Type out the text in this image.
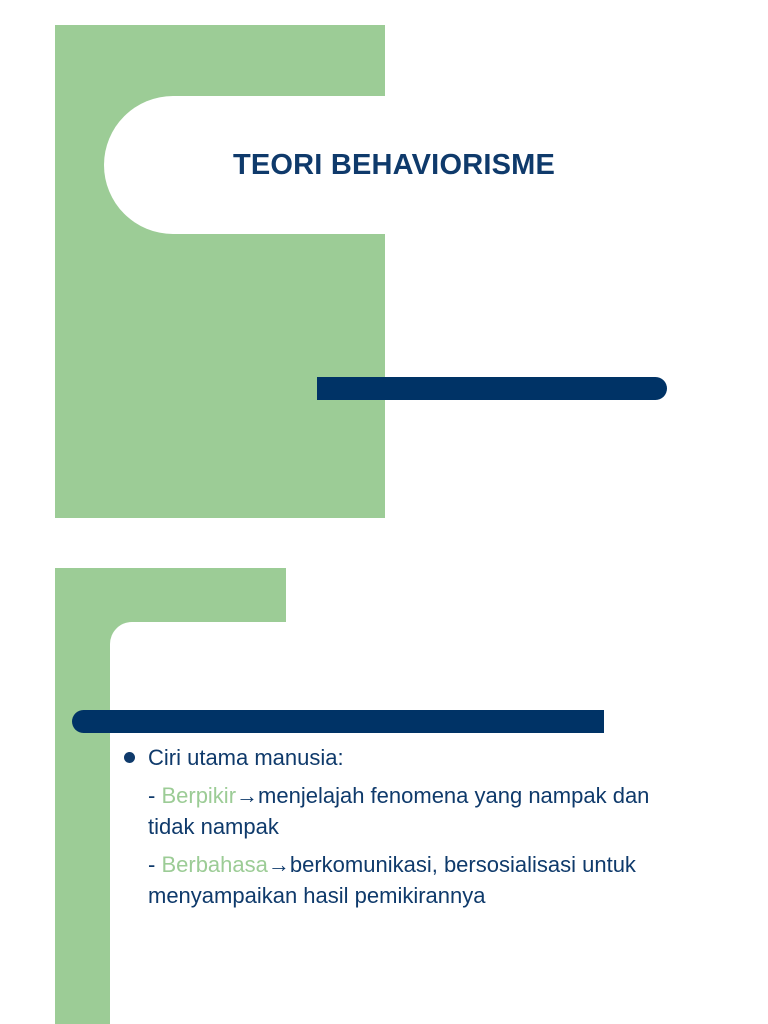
TEORI BEHAVIORISME
Ciri utama manusia:
- Berpikir→menjelajah fenomena yang nampak dan tidak nampak
- Berbahasa→berkomunikasi, bersosialisasi untuk menyampaikan hasil pemikirannya
